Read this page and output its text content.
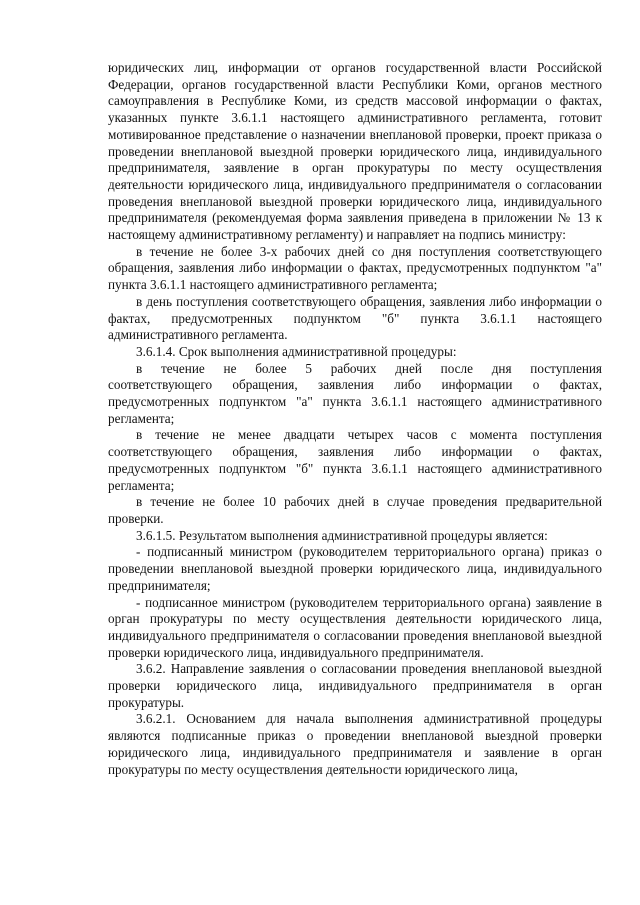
юридических лиц, информации от органов государственной власти Российской Федерации, органов государственной власти Республики Коми, органов местного самоуправления в Республике Коми, из средств массовой информации о фактах, указанных пункте 3.6.1.1 настоящего административного регламента, готовит мотивированное представление о назначении внеплановой проверки, проект приказа о проведении внеплановой выездной проверки юридического лица, индивидуального предпринимателя, заявление в орган прокуратуры по месту осуществления деятельности юридического лица, индивидуального предпринимателя о согласовании проведения внеплановой выездной проверки юридического лица, индивидуального предпринимателя (рекомендуемая форма заявления приведена в приложении № 13 к настоящему административному регламенту) и направляет на подпись министру:

в течение не более 3-х рабочих дней со дня поступления соответствующего обращения, заявления либо информации о фактах, предусмотренных подпунктом "а" пункта 3.6.1.1 настоящего административного регламента;

в день поступления соответствующего обращения, заявления либо информации о фактах, предусмотренных подпунктом "б" пункта 3.6.1.1 настоящего административного регламента.

3.6.1.4. Срок выполнения административной процедуры:

в течение не более 5 рабочих дней после дня поступления соответствующего обращения, заявления либо информации о фактах, предусмотренных подпунктом "а" пункта 3.6.1.1 настоящего административного регламента;

в течение не менее двадцати четырех часов с момента поступления соответствующего обращения, заявления либо информации о фактах, предусмотренных подпунктом "б" пункта 3.6.1.1 настоящего административного регламента;

в течение не более 10 рабочих дней в случае проведения предварительной проверки.

3.6.1.5. Результатом выполнения административной процедуры является:

- подписанный министром (руководителем территориального органа) приказ о проведении внеплановой выездной проверки юридического лица, индивидуального предпринимателя;

- подписанное министром (руководителем территориального органа) заявление в орган прокуратуры по месту осуществления деятельности юридического лица, индивидуального предпринимателя о согласовании проведения внеплановой выездной проверки юридического лица, индивидуального предпринимателя.

3.6.2. Направление заявления о согласовании проведения внеплановой выездной проверки юридического лица, индивидуального предпринимателя в орган прокуратуры.

3.6.2.1. Основанием для начала выполнения административной процедуры являются подписанные приказ о проведении внеплановой выездной проверки юридического лица, индивидуального предпринимателя и заявление в орган прокуратуры по месту осуществления деятельности юридического лица,
